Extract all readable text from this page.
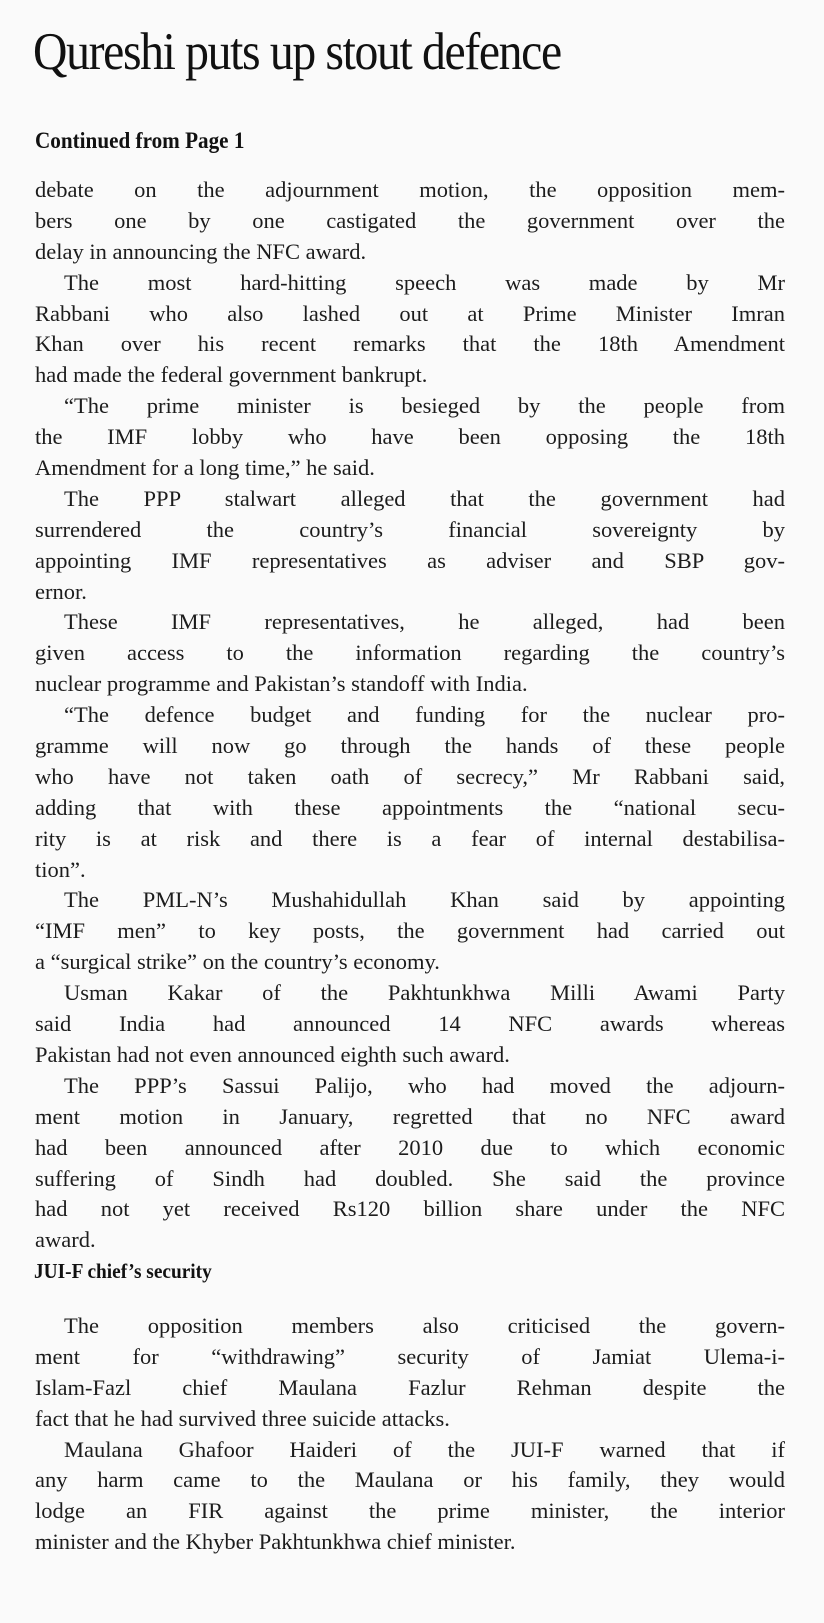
Qureshi puts up stout defence
Continued from Page 1
debate on the adjournment motion, the opposition mem-
bers one by one castigated the government over the
delay in announcing the NFC award.
The most hard-hitting speech was made by Mr
Rabbani who also lashed out at Prime Minister Imran
Khan over his recent remarks that the 18th Amendment
had made the federal government bankrupt.
“The prime minister is besieged by the people from
the IMF lobby who have been opposing the 18th
Amendment for a long time,” he said.
The PPP stalwart alleged that the government had
surrendered the country’s financial sovereignty by
appointing IMF representatives as adviser and SBP gov-
ernor.
These IMF representatives, he alleged, had been
given access to the information regarding the country’s
nuclear programme and Pakistan’s standoff with India.
“The defence budget and funding for the nuclear pro-
gramme will now go through the hands of these people
who have not taken oath of secrecy,” Mr Rabbani said,
adding that with these appointments the “national secu-
rity is at risk and there is a fear of internal destabilisa-
tion”.
The PML-N’s Mushahidullah Khan said by appointing
“IMF men” to key posts, the government had carried out
a “surgical strike” on the country’s economy.
Usman Kakar of the Pakhtunkhwa Milli Awami Party
said India had announced 14 NFC awards whereas
Pakistan had not even announced eighth such award.
The PPP’s Sassui Palijo, who had moved the adjourn-
ment motion in January, regretted that no NFC award
had been announced after 2010 due to which economic
suffering of Sindh had doubled. She said the province
had not yet received Rs120 billion share under the NFC
award.
JUI-F chief’s security
The opposition members also criticised the govern-
ment for “withdrawing” security of Jamiat Ulema-i-
Islam-Fazl chief Maulana Fazlur Rehman despite the
fact that he had survived three suicide attacks.
Maulana Ghafoor Haideri of the JUI-F warned that if
any harm came to the Maulana or his family, they would
lodge an FIR against the prime minister, the interior
minister and the Khyber Pakhtunkhwa chief minister.
